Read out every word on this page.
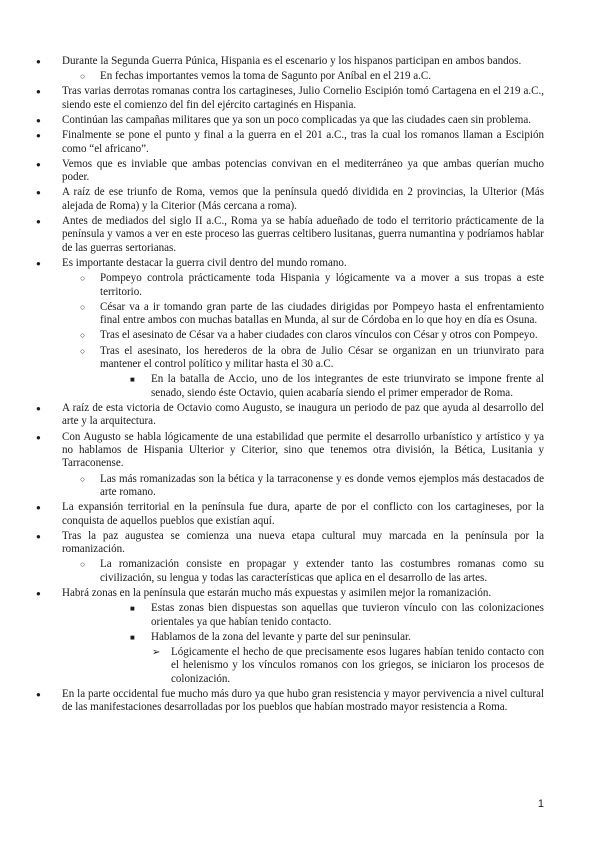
● Durante la Segunda Guerra Púnica, Hispania es el escenario y los hispanos participan en ambos bandos.
○ En fechas importantes vemos la toma de Sagunto por Aníbal en el 219 a.C.
● Tras varias derrotas romanas contra los cartagineses, Julio Cornelio Escipión tomó Cartagena en el 219 a.C., siendo este el comienzo del fin del ejército cartaginés en Hispania.
● Continúan las campañas militares que ya son un poco complicadas ya que las ciudades caen sin problema.
● Finalmente se pone el punto y final a la guerra en el 201 a.C., tras la cual los romanos llaman a Escipión como “el africano”.
● Vemos que es inviable que ambas potencias convivan en el mediterráneo ya que ambas querían mucho poder.
● A raíz de ese triunfo de Roma, vemos que la península quedó dividida en 2 provincias, la Ulterior (Más alejada de Roma) y la Citerior (Más cercana a roma).
● Antes de mediados del siglo II a.C., Roma ya se había adueñado de todo el territorio prácticamente de la península y vamos a ver en este proceso las guerras celtibero lusitanas, guerra numantina y podríamos hablar de las guerras sertorianas.
● Es importante destacar la guerra civil dentro del mundo romano.
○ Pompeyo controla prácticamente toda Hispania y lógicamente va a mover a sus tropas a este territorio.
○ César va a ir tomando gran parte de las ciudades dirigidas por Pompeyo hasta el enfrentamiento final entre ambos con muchas batallas en Munda, al sur de Córdoba en lo que hoy en día es Osuna.
○ Tras el asesinato de César va a haber ciudades con claros vínculos con César y otros con Pompeyo.
○ Tras el asesinato, los herederos de la obra de Julio César se organizan en un triunvirato para mantener el control político y militar hasta el 30 a.C.
■ En la batalla de Accio, uno de los integrantes de este triunvirato se impone frente al senado, siendo éste Octavio, quien acabaría siendo el primer emperador de Roma.
● A raíz de esta victoria de Octavio como Augusto, se inaugura un periodo de paz que ayuda al desarrollo del arte y la arquitectura.
● Con Augusto se habla lógicamente de una estabilidad que permite el desarrollo urbanístico y artístico y ya no hablamos de Hispania Ulterior y Citerior, sino que tenemos otra división, la Bética, Lusitania y Tarraconense.
○ Las más romanizadas son la bética y la tarraconense y es donde vemos ejemplos más destacados de arte romano.
● La expansión territorial en la península fue dura, aparte de por el conflicto con los cartagineses, por la conquista de aquellos pueblos que existían aquí.
● Tras la paz augustea se comienza una nueva etapa cultural muy marcada en la península por la romanización.
○ La romanización consiste en propagar y extender tanto las costumbres romanas como su civilización, su lengua y todas las características que aplica en el desarrollo de las artes.
● Habrá zonas en la península que estarán mucho más expuestas y asimilen mejor la romanización.
■ Estas zonas bien dispuestas son aquellas que tuvieron vínculo con las colonizaciones orientales ya que habían tenido contacto.
■ Hablamos de la zona del levante y parte del sur peninsular.
➢ Lógicamente el hecho de que precisamente esos lugares habían tenido contacto con el helenismo y los vínculos romanos con los griegos, se iniciaron los procesos de colonización.
● En la parte occidental fue mucho más duro ya que hubo gran resistencia y mayor pervivencia a nivel cultural de las manifestaciones desarrolladas por los pueblos que habían mostrado mayor resistencia a Roma.
1
